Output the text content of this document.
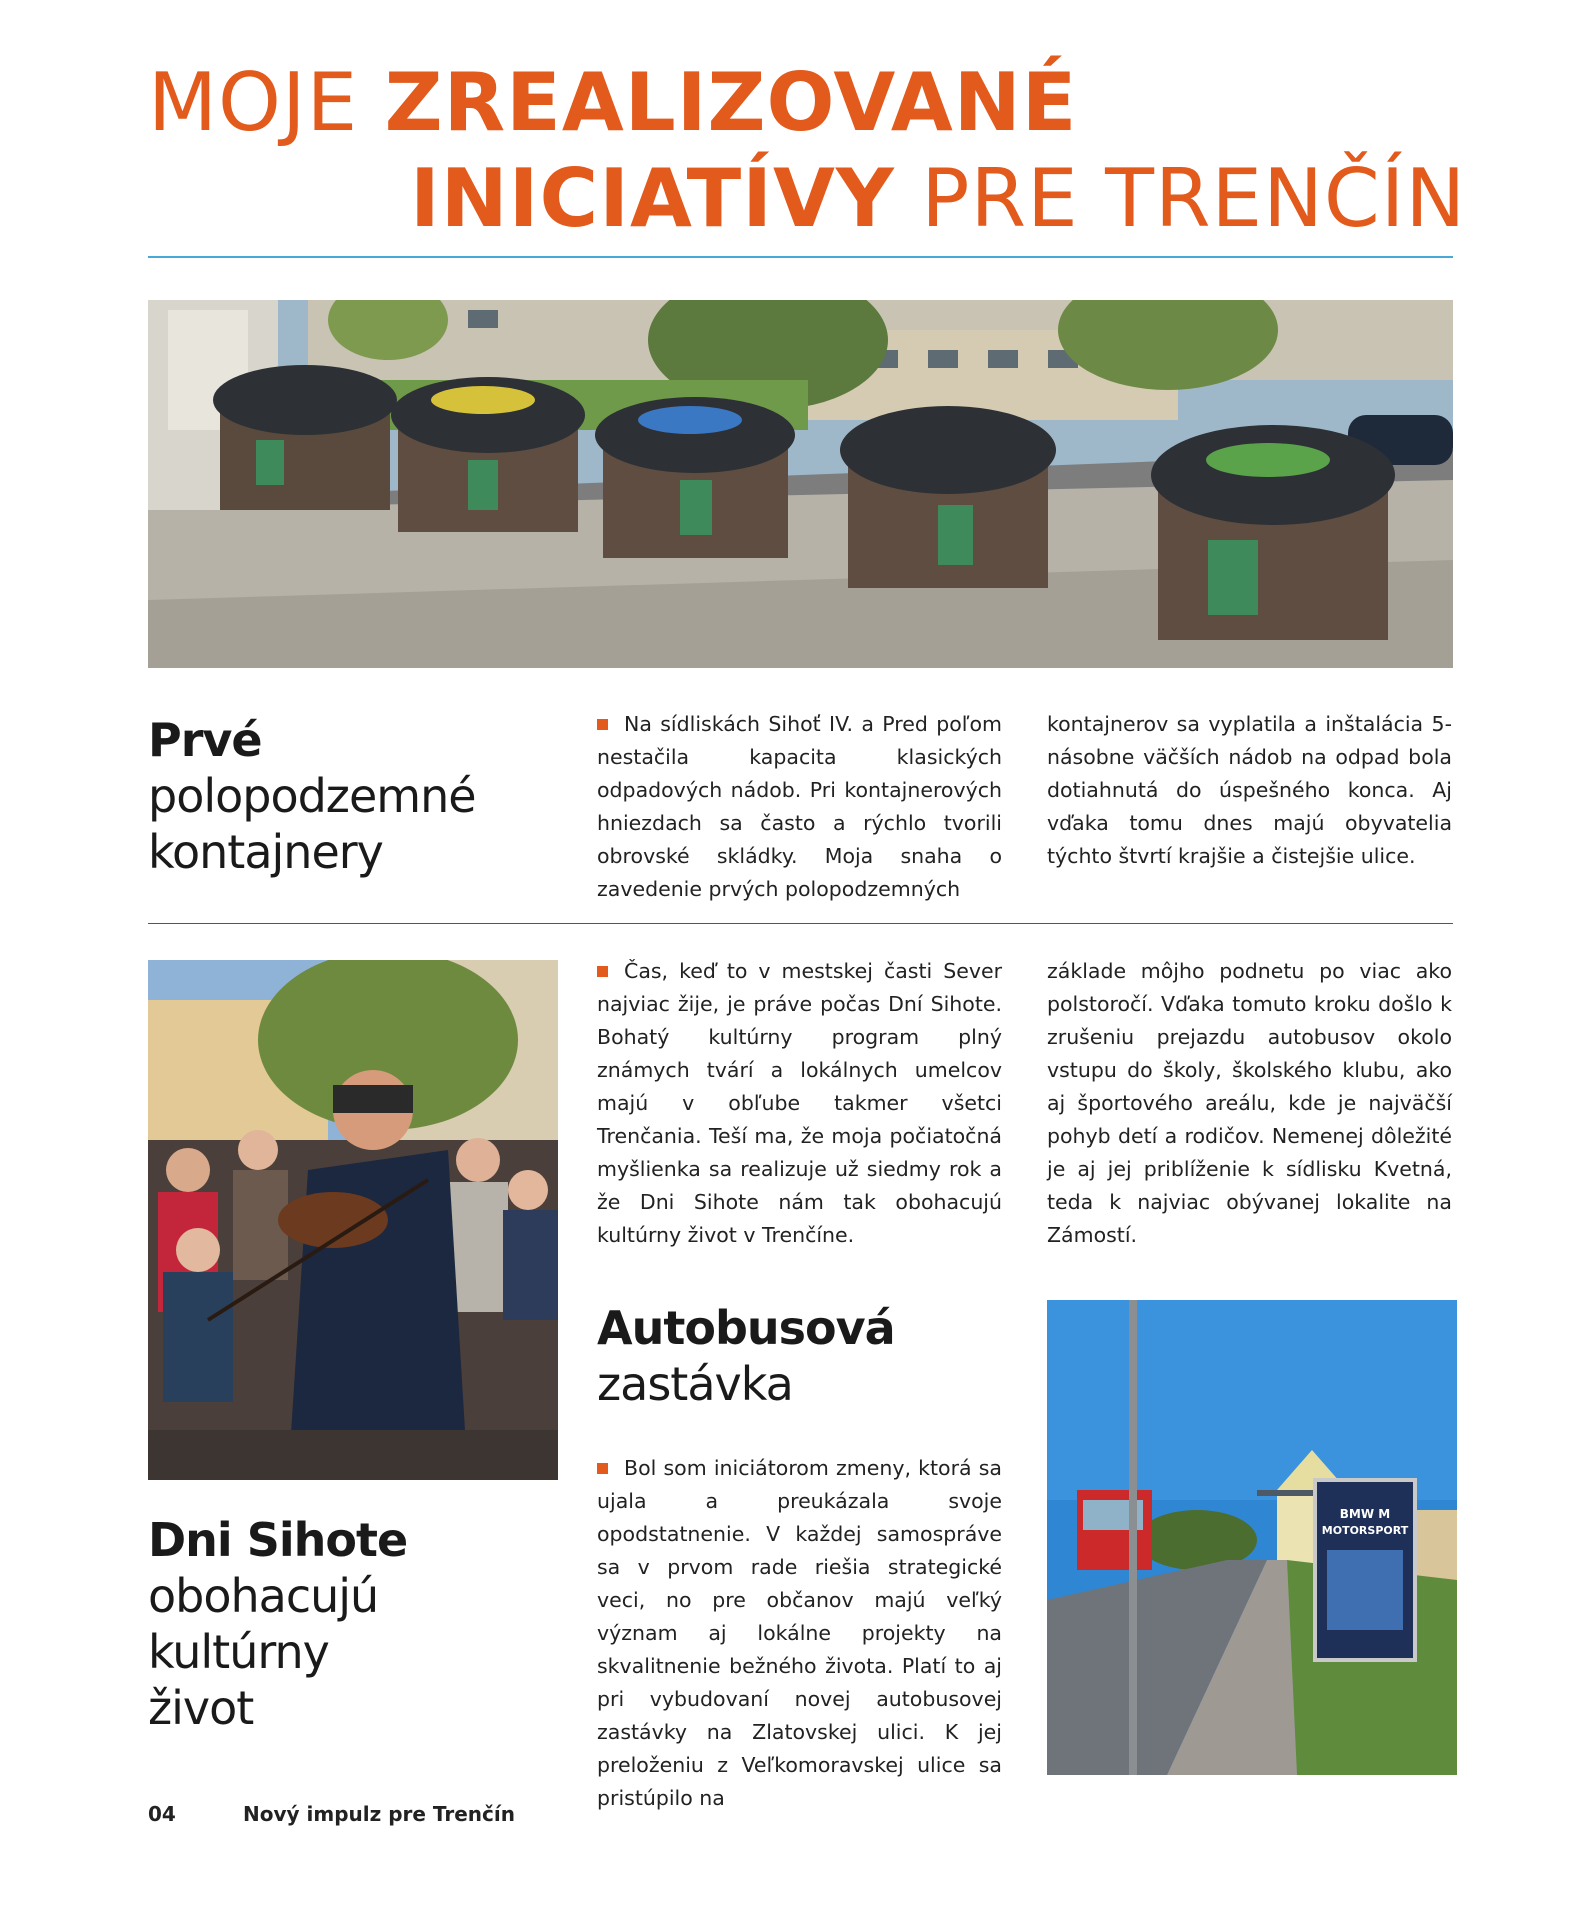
MOJE ZREALIZOVANÉ
INICIATÍVY PRE TRENČÍN
Prvé
polopodzemné
kontajnery
Na sídliskách Sihoť IV. a Pred poľom nestačila kapacita klasických odpadových nádob. Pri kontajnerových hniezdach sa často a rýchlo tvorili obrovské skládky. Moja snaha o zavedenie prvých polopodzemných
kontajnerov sa vyplatila a inštalácia 5-násobne väčších nádob na odpad bola dotiahnutá do úspešného konca. Aj vďaka tomu dnes majú obyvatelia týchto štvrtí krajšie a čistejšie ulice.
Dni Sihote
obohacujú
kultúrny
život
Čas, keď to v mestskej časti Sever najviac žije, je práve počas Dní Sihote. Bohatý kultúrny program plný známych tvárí a lokálnych umelcov majú v obľube takmer všetci Trenčania. Teší ma, že moja počiatočná myšlienka sa realizuje už siedmy rok a že Dni Sihote nám tak obohacujú kultúrny život v Trenčíne.
základe môjho podnetu po viac ako polstoročí. Vďaka tomuto kroku došlo k zrušeniu prejazdu autobusov okolo vstupu do školy, školského klubu, ako aj športového areálu, kde je najväčší pohyb detí a rodičov. Nemenej dôležité je aj jej priblíženie k sídlisku Kvetná, teda k najviac obývanej lokalite na Zámostí.
Autobusová
zastávka
Bol som iniciátorom zmeny, ktorá sa ujala a preukázala svoje opodstatnenie. V každej samospráve sa v prvom rade riešia strategické veci, no pre občanov majú veľký význam aj lokálne projekty na skvalitnenie bežného života. Platí to aj pri vybudovaní novej autobusovej zastávky na Zlatovskej ulici. K jej preloženiu z Veľkomoravskej ulice sa pristúpilo na
BMW M
MOTORSPORT
04	Nový impulz pre Trenčín
